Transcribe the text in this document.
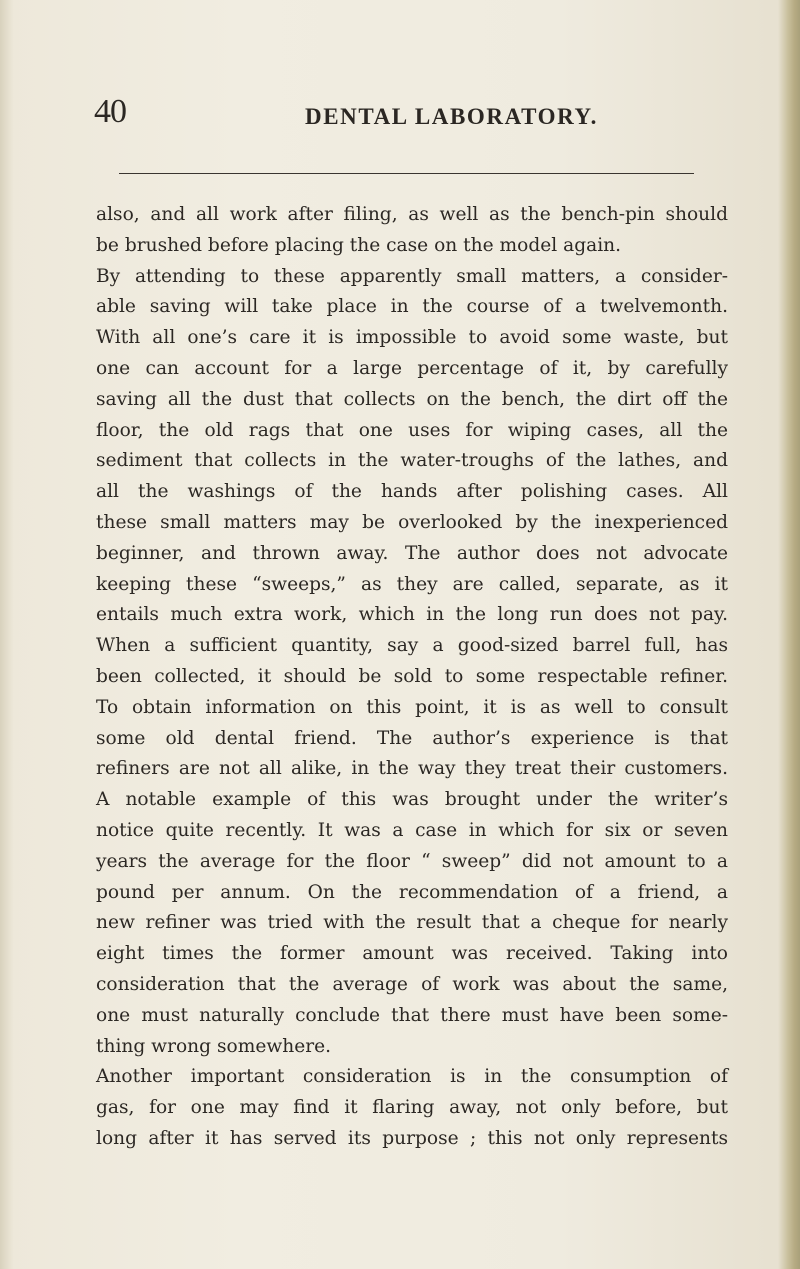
40	DENTAL LABORATORY.

also, and all work after filing, as well as the bench-pin should
be brushed before placing the case on the model again.

By attending to these apparently small matters, a consider-
able saving will take place in the course of a twelvemonth.
With all one’s care it is impossible to avoid some waste, but
one can account for a large percentage of it, by carefully
saving all the dust that collects on the bench, the dirt off the
floor, the old rags that one uses for wiping cases, all the
sediment that collects in the water-troughs of the lathes, and
all the washings of the hands after polishing cases. All
these small matters may be overlooked by the inexperienced
beginner, and thrown away. The author does not advocate
keeping these “sweeps,” as they are called, separate, as it
entails much extra work, which in the long run does not pay.
When a sufficient quantity, say a good-sized barrel full, has
been collected, it should be sold to some respectable refiner.
To obtain information on this point, it is as well to consult
some old dental friend. The author’s experience is that
refiners are not all alike, in the way they treat their customers.
A notable example of this was brought under the writer’s
notice quite recently. It was a case in which for six or seven
years the average for the floor “ sweep” did not amount to a
pound per annum. On the recommendation of a friend, a
new refiner was tried with the result that a cheque for nearly
eight times the former amount was received. Taking into
consideration that the average of work was about the same,
one must naturally conclude that there must have been some-
thing wrong somewhere.

Another important consideration is in the consumption of
gas, for one may find it flaring away, not only before, but
long after it has served its purpose ; this not only represents
